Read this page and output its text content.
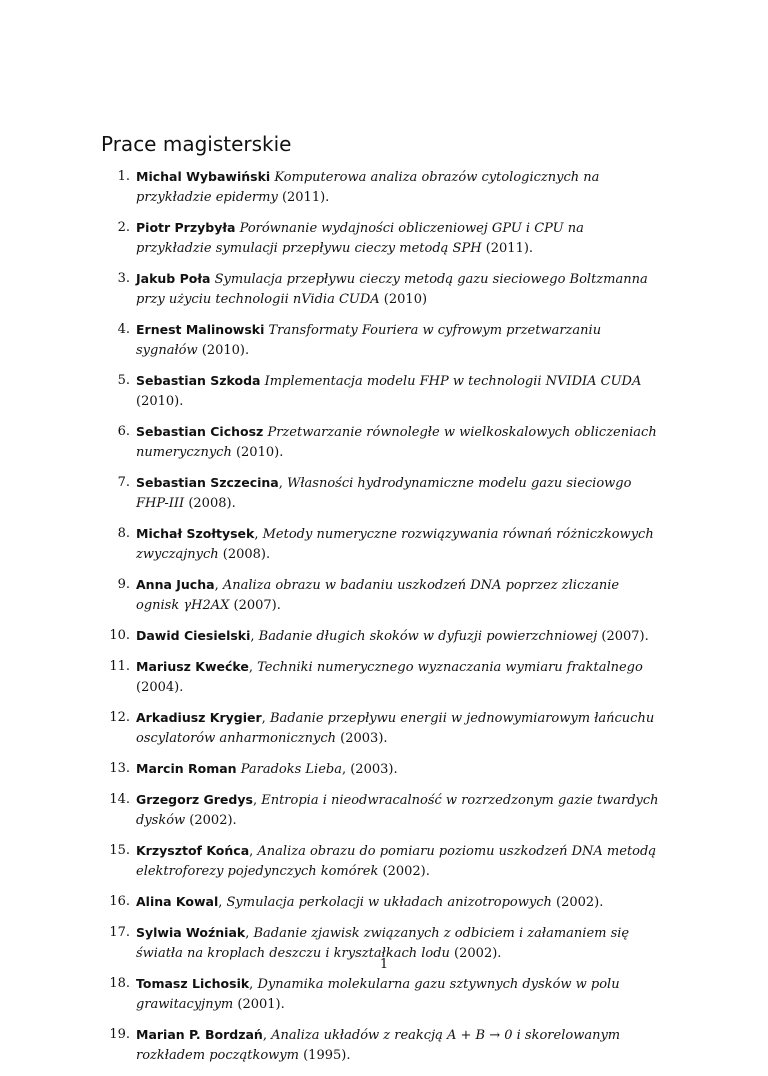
Prace magisterskie
1. Michal Wybawiński Komputerowa analiza obrazów cytologicznych na przykładzie epidermy (2011).
2. Piotr Przybyła Porównanie wydajności obliczeniowej GPU i CPU na przykładzie symulacji przepływu cieczy metodą SPH (2011).
3. Jakub Poła Symulacja przepływu cieczy metodą gazu sieciowego Boltzmanna przy użyciu technologii nVidia CUDA (2010)
4. Ernest Malinowski Transformaty Fouriera w cyfrowym przetwarzaniu sygnałów (2010).
5. Sebastian Szkoda Implementacja modelu FHP w technologii NVIDIA CUDA (2010).
6. Sebastian Cichosz Przetwarzanie równoległe w wielkoskalowych obliczeniach numerycznych (2010).
7. Sebastian Szczecina, Własności hydrodynamiczne modelu gazu sieciowgo FHP-III (2008).
8. Michał Szołtysek, Metody numeryczne rozwiązywania równań różniczkowych zwyczajnych (2008).
9. Anna Jucha, Analiza obrazu w badaniu uszkodzeń DNA poprzez zliczanie ognisk γH2AX (2007).
10. Dawid Ciesielski, Badanie długich skoków w dyfuzji powierzchniowej (2007).
11. Mariusz Kwećke, Techniki numerycznego wyznaczania wymiaru fraktalnego (2004).
12. Arkadiusz Krygier, Badanie przepływu energii w jednowymiarowym łańcuchu oscylatorów anharmonicznych (2003).
13. Marcin Roman Paradoks Lieba, (2003).
14. Grzegorz Gredys, Entropia i nieodwracalność w rozrzedzonym gazie twardych dysków (2002).
15. Krzysztof Końca, Analiza obrazu do pomiaru poziomu uszkodzeń DNA metodą elektroforezy pojedynczych komórek (2002).
16. Alina Kowal, Symulacja perkolacji w układach anizotropowych (2002).
17. Sylwia Woźniak, Badanie zjawisk związanych z odbiciem i załamaniem się światła na kroplach deszczu i kryształkach lodu (2002).
18. Tomasz Lichosik, Dynamika molekularna gazu sztywnych dysków w polu grawitacyjnym (2001).
19. Marian P. Bordzań, Analiza układów z reakcją A + B → 0 i skorelowanym rozkładem początkowym (1995).
1
